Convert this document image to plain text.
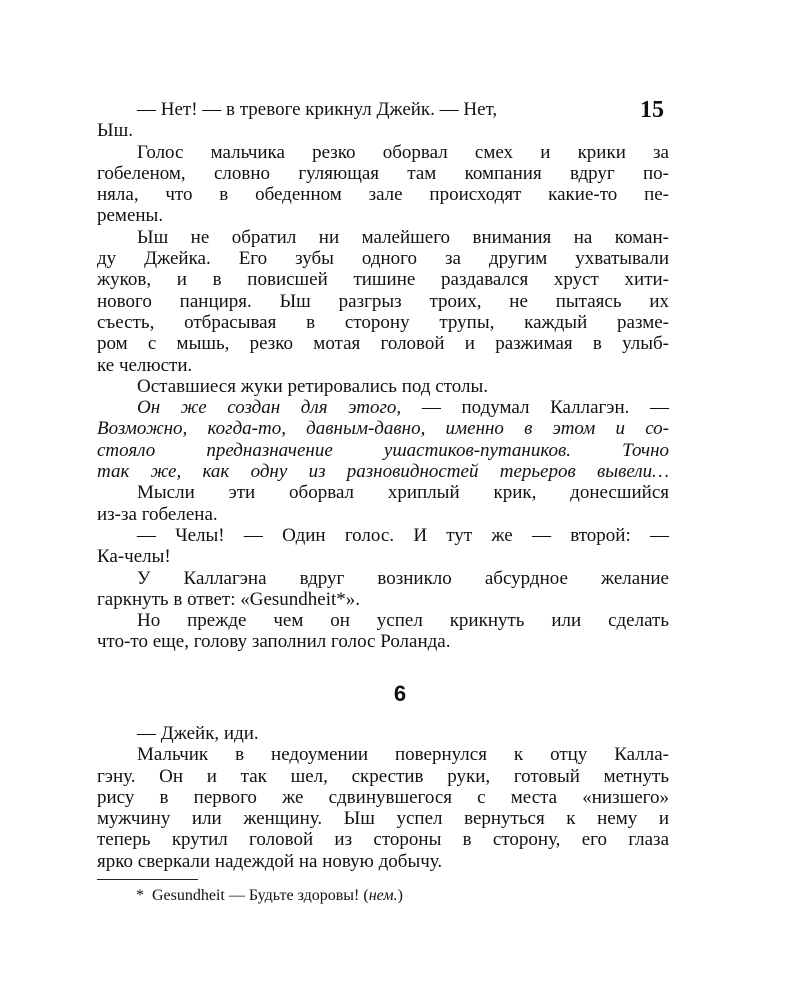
15
— Нет! — в тревоге крикнул Джейк. — Нет,
Ыш.
Голос мальчика резко оборвал смех и крики за
гобеленом, словно гуляющая там компания вдруг по-
няла, что в обеденном зале происходят какие-то пе-
ремены.
Ыш не обратил ни малейшего внимания на коман-
ду Джейка. Его зубы одного за другим ухватывали
жуков, и в повисшей тишине раздавался хруст хити-
нового панциря. Ыш разгрыз троих, не пытаясь их
съесть, отбрасывая в сторону трупы, каждый разме-
ром с мышь, резко мотая головой и разжимая в улыб-
ке челюсти.
Оставшиеся жуки ретировались под столы.
Он же создан для этого, — подумал Каллагэн. —
Возможно, когда-то, давным-давно, именно в этом и со-
стояло предназначение ушастиков-путаников. Точно
так же, как одну из разновидностей терьеров вывели…
Мысли эти оборвал хриплый крик, донесшийся
из-за гобелена.
— Челы! — Один голос. И тут же — второй: —
Ка-челы!
У Каллагэна вдруг возникло абсурдное желание
гаркнуть в ответ: «Gesundheit*».
Но прежде чем он успел крикнуть или сделать
что-то еще, голову заполнил голос Роланда.
6
— Джейк, иди.
Мальчик в недоумении повернулся к отцу Калла-
гэну. Он и так шел, скрестив руки, готовый метнуть
рису в первого же сдвинувшегося с места «низшего»
мужчину или женщину. Ыш успел вернуться к нему и
теперь крутил головой из стороны в сторону, его глаза
ярко сверкали надеждой на новую добычу.
* Gesundheit — Будьте здоровы! (нем.)
